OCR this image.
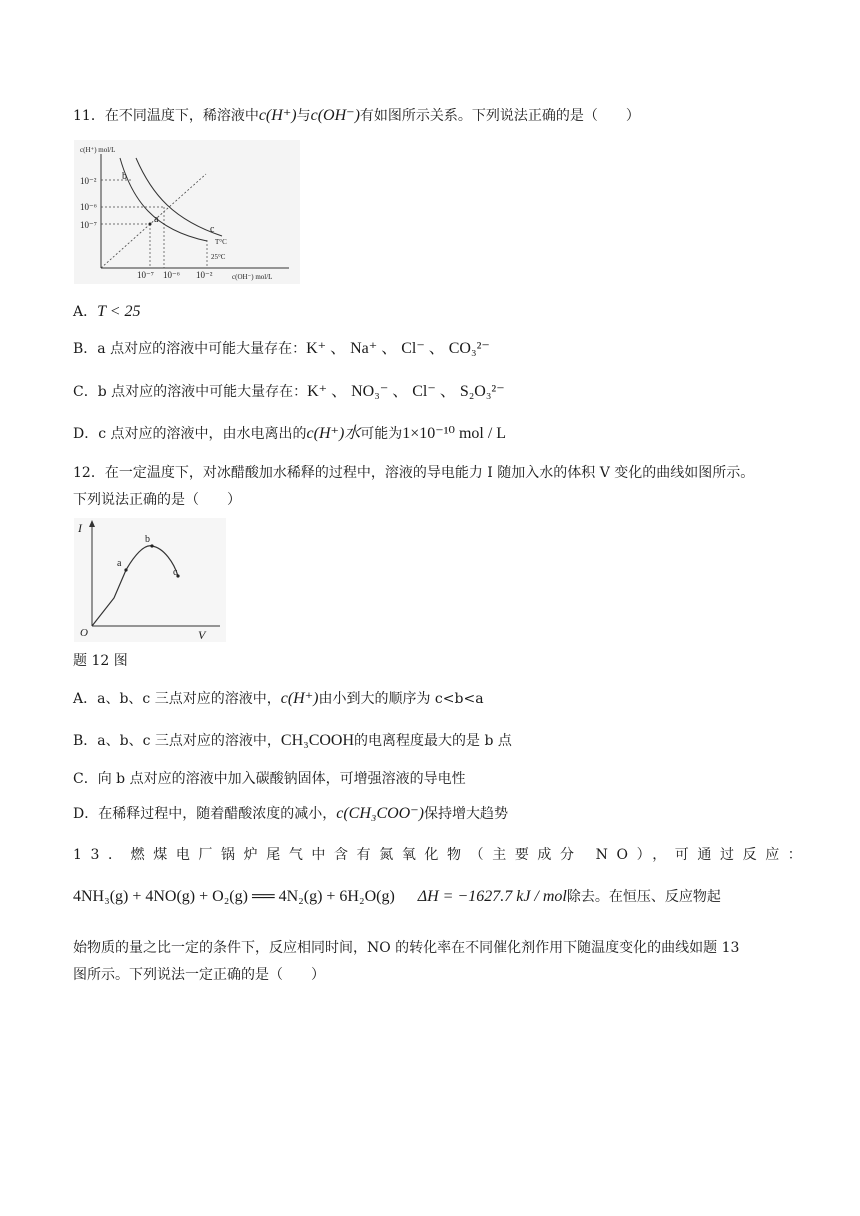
11．在不同温度下，稀溶液中c(H⁺)与c(OH⁻)有如图所示关系。下列说法正确的是（　　）
c(H⁺) mol/L
c(OH⁻) mol/L
10⁻²
10⁻⁶
10⁻⁷
10⁻⁷ 10⁻⁶ 10⁻²
b
a
c
T°C
25°C
A．T < 25
B．a 点对应的溶液中可能大量存在：K⁺ 、 Na⁺ 、 Cl⁻ 、 CO₃²⁻
C．b 点对应的溶液中可能大量存在：K⁺ 、 NO₃⁻ 、 Cl⁻ 、 S₂O₃²⁻
D．c 点对应的溶液中，由水电离出的c(H⁺)水可能为1×10⁻¹⁰ mol / L
12．在一定温度下，对冰醋酸加水稀释的过程中，溶液的导电能力 I 随加入水的体积 V 变化的曲线如图所示。
下列说法正确的是（　　）
I
V
O
a
b
c
题 12 图
A．a、b、c 三点对应的溶液中，c(H⁺)由小到大的顺序为 c<b<a
B．a、b、c 三点对应的溶液中，CH₃COOH的电离程度最大的是 b 点
C．向 b 点对应的溶液中加入碳酸钠固体，可增强溶液的导电性
D．在稀释过程中，随着醋酸浓度的减小，c(CH₃COO⁻)保持增大趋势
13．燃煤电厂锅炉尾气中含有氮氧化物（主要成分 NO），可通过反应：
4NH₃(g) + 4NO(g) + O₂(g) ══ 4N₂(g) + 6H₂O(g) ΔH = −1627.7 kJ / mol除去。在恒压、反应物起
始物质的量之比一定的条件下，反应相同时间，NO 的转化率在不同催化剂作用下随温度变化的曲线如题 13
图所示。下列说法一定正确的是（　　）
